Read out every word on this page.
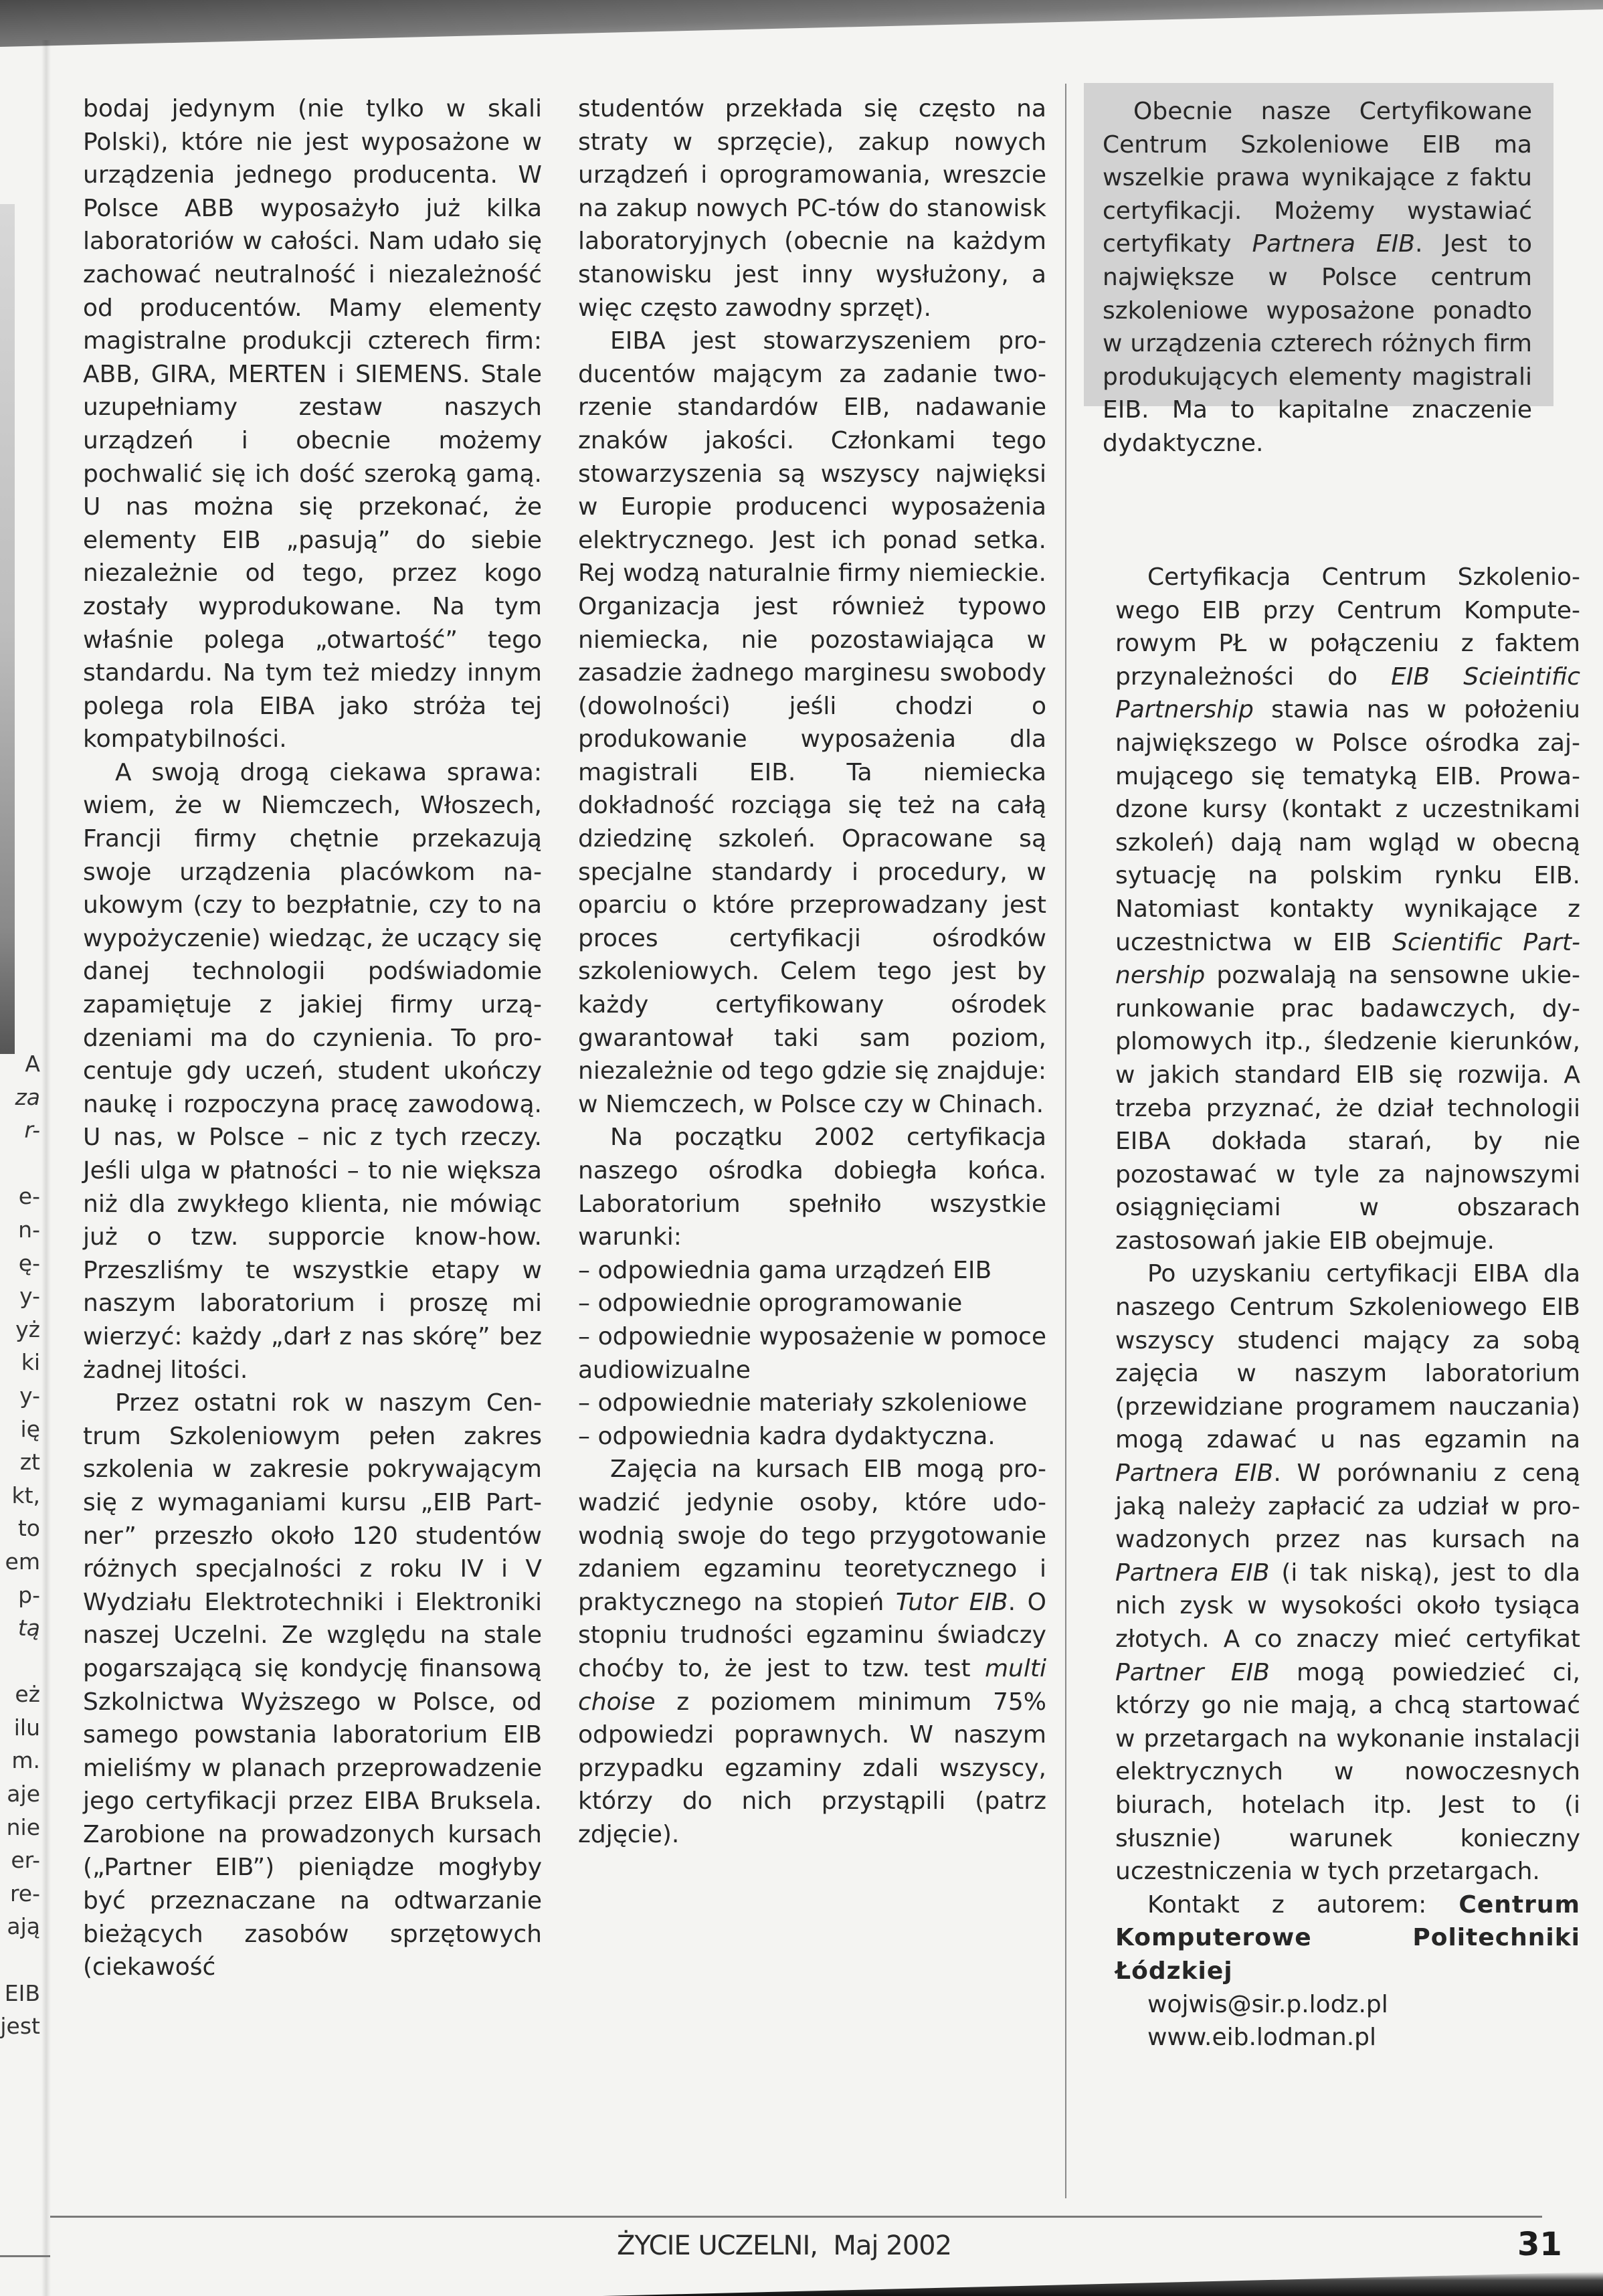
A
za
r-

e-
n-
ę-
y-
yż
ki
y-
ię
zt
kt,
to
em
p-
tą

eż
ilu
m.
aje
nie
er-
re-
ają

EIB
jest

bodaj jedynym (nie tylko w skali Polski), które nie jest wyposażone w urządzenia jednego producenta. W Polsce ABB wyposażyło już kilka laboratoriów w całości. Nam udało się zachować neutralność i niezależność od producentów. Mamy elementy magistralne produkcji czterech firm: ABB, GIRA, MERTEN i SIEMENS. Stale uzupełniamy zestaw naszych urządzeń i obecnie możemy pochwalić się ich dość szeroką gamą. U nas można się przekonać, że elementy EIB „pasują” do siebie niezależnie od tego, przez kogo zostały wyprodukowane. Na tym właśnie polega „otwartość” tego standardu. Na tym też miedzy innym polega rola EIBA jako stróża tej kompatybilności.

A swoją drogą ciekawa sprawa: wiem, że w Niemczech, Włoszech, Francji firmy chętnie przekazują swoje urządzenia placówkom naukowym (czy to bezpłatnie, czy to na wypożyczenie) wiedząc, że uczący się danej technologii podświadomie zapamiętuje z jakiej firmy urządzeniami ma do czynienia. To procentuje gdy uczeń, student ukończy naukę i rozpoczyna pracę zawodową. U nas, w Polsce – nic z tych rzeczy. Jeśli ulga w płatności – to nie większa niż dla zwykłego klienta, nie mówiąc już o tzw. supporcie know-how. Przeszliśmy te wszystkie etapy w naszym laboratorium i proszę mi wierzyć: każdy „darł z nas skórę” bez żadnej litości.

Przez ostatni rok w naszym Centrum Szkoleniowym pełen zakres szkolenia w zakresie pokrywającym się z wymaganiami kursu „EIB Partner” przeszło około 120 studentów różnych specjalności z roku IV i V Wydziału Elektrotechniki i Elektroniki naszej Uczelni. Ze względu na stale pogarszającą się kondycję finansową Szkolnictwa Wyższego w Polsce, od samego powstania laboratorium EIB mieliśmy w planach przeprowadzenie jego certyfikacji przez EIBA Bruksela. Zarobione na prowadzonych kursach („Partner EIB”) pieniądze mogłyby być przeznaczane na odtwarzanie bieżących zasobów sprzętowych (ciekawość

studentów przekłada się często na straty w sprzęcie), zakup nowych urządzeń i oprogramowania, wreszcie na zakup nowych PC-tów do stanowisk laboratoryjnych (obecnie na każdym stanowisku jest inny wysłużony, a więc często zawodny sprzęt).

EIBA jest stowarzyszeniem producentów mającym za zadanie tworzenie standardów EIB, nadawanie znaków jakości. Członkami tego stowarzyszenia są wszyscy najwięksi w Europie producenci wyposażenia elektrycznego. Jest ich ponad setka. Rej wodzą naturalnie firmy niemieckie. Organizacja jest również typowo niemiecka, nie pozostawiająca w zasadzie żadnego marginesu swobody (dowolności) jeśli chodzi o produkowanie wyposażenia dla magistrali EIB. Ta niemiecka dokładność rozciąga się też na całą dziedzinę szkoleń. Opracowane są specjalne standardy i procedury, w oparciu o które przeprowadzany jest proces certyfikacji ośrodków szkoleniowych. Celem tego jest by każdy certyfikowany ośrodek gwarantował taki sam poziom, niezależnie od tego gdzie się znajduje: w Niemczech, w Polsce czy w Chinach.

Na początku 2002 certyfikacja naszego ośrodka dobiegła końca. Laboratorium spełniło wszystkie warunki:

– odpowiednia gama urządzeń EIB

– odpowiednie oprogramowanie

– odpowiednie wyposażenie w pomoce audiowizualne

– odpowiednie materiały szkoleniowe

– odpowiednia kadra dydaktyczna.

Zajęcia na kursach EIB mogą prowadzić jedynie osoby, które udowodnią swoje do tego przygotowanie zdaniem egzaminu teoretycznego i praktycznego na stopień Tutor EIB. O stopniu trudności egzaminu świadczy choćby to, że jest to tzw. test multi choise z poziomem minimum 75% odpowiedzi poprawnych. W naszym przypadku egzaminy zdali wszyscy, którzy do nich przystąpili (patrz zdjęcie).

Obecnie nasze Certyfikowane Centrum Szkoleniowe EIB ma wszelkie prawa wynikające z faktu certyfikacji. Możemy wystawiać certyfikaty Partnera EIB. Jest to największe w Polsce centrum szkoleniowe wyposażone ponadto w urządzenia czterech różnych firm produkujących elementy magistrali EIB. Ma to kapitalne znaczenie dydaktyczne.

Certyfikacja Centrum Szkoleniowego EIB przy Centrum Komputerowym PŁ w połączeniu z faktem przynależności do EIB Scieintific Partnership stawia nas w położeniu największego w Polsce ośrodka zajmującego się tematyką EIB. Prowadzone kursy (kontakt z uczestnikami szkoleń) dają nam wgląd w obecną sytuację na polskim rynku EIB. Natomiast kontakty wynikające z uczestnictwa w EIB Scientific Partnership pozwalają na sensowne ukierunkowanie prac badawczych, dyplomowych itp., śledzenie kierunków, w jakich standard EIB się rozwija. A trzeba przyznać, że dział technologii EIBA dokłada starań, by nie pozostawać w tyle za najnowszymi osiągnięciami w obszarach zastosowań jakie EIB obejmuje.

Po uzyskaniu certyfikacji EIBA dla naszego Centrum Szkoleniowego EIB wszyscy studenci mający za sobą zajęcia w naszym laboratorium (przewidziane programem nauczania) mogą zdawać u nas egzamin na Partnera EIB. W porównaniu z ceną jaką należy zapłacić za udział w prowadzonych przez nas kursach na Partnera EIB (i tak niską), jest to dla nich zysk w wysokości około tysiąca złotych. A co znaczy mieć certyfikat Partner EIB mogą powiedzieć ci, którzy go nie mają, a chcą startować w przetargach na wykonanie instalacji elektrycznych w nowoczesnych biurach, hotelach itp. Jest to (i słusznie) warunek konieczny uczestniczenia w tych przetargach.

Kontakt z autorem: Centrum Komputerowe Politechniki Łódzkiej

wojwis@sir.p.lodz.pl
www.eib.lodman.pl

ŻYCIE UCZELNI, Maj 2002	31
